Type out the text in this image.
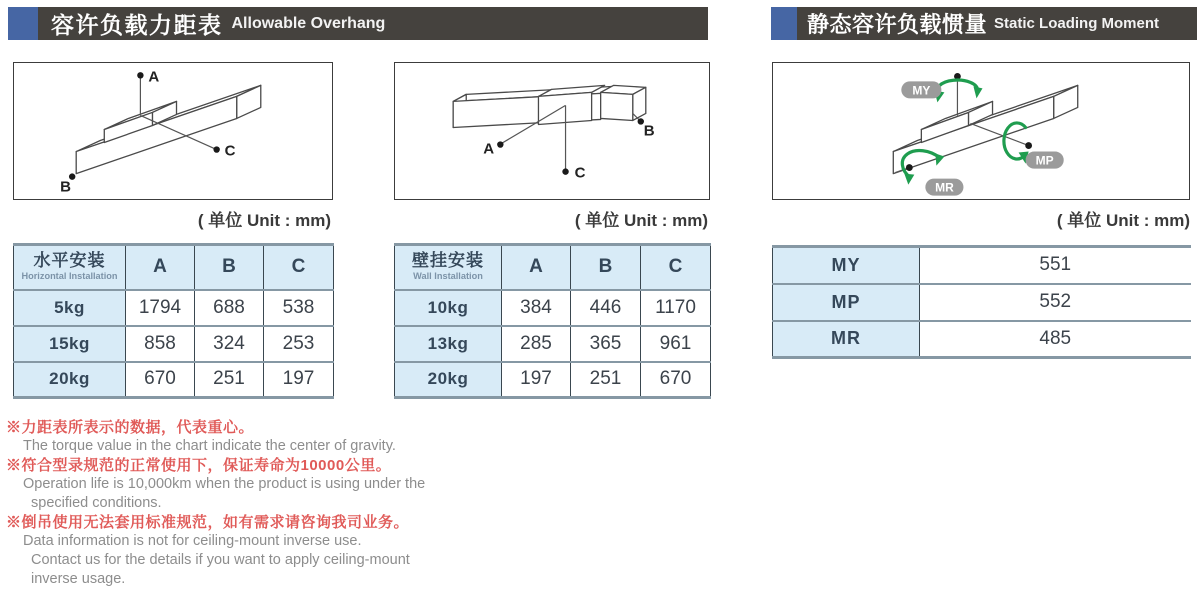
容许负载力距表 Allowable Overhang	静态容许负载惯量 Static Loading Moment
A
B
C
( 单位 Unit : mm)
A
B
C
( 单位 Unit : mm)
MY
MP
MR
( 单位 Unit : mm)
水平安装
Horizontal Installation	A	B	C
5kg	1794	688	538
15kg	858	324	253
20kg	670	251	197
壁挂安装
Wall Installation	A	B	C
10kg	384	446	1170
13kg	285	365	961
20kg	197	251	670
MY	551
MP	552
MR	485
※力距表所表示的数据，代表重心。
The torque value in the chart indicate the center of gravity.
※符合型录规范的正常使用下，保证寿命为10000公里。
Operation life is 10,000km when the product is using under the
specified conditions.
※倒吊使用无法套用标准规范，如有需求请咨询我司业务。
Data information is not for ceiling-mount inverse use.
Contact us for the details if you want to apply ceiling-mount
inverse usage.
